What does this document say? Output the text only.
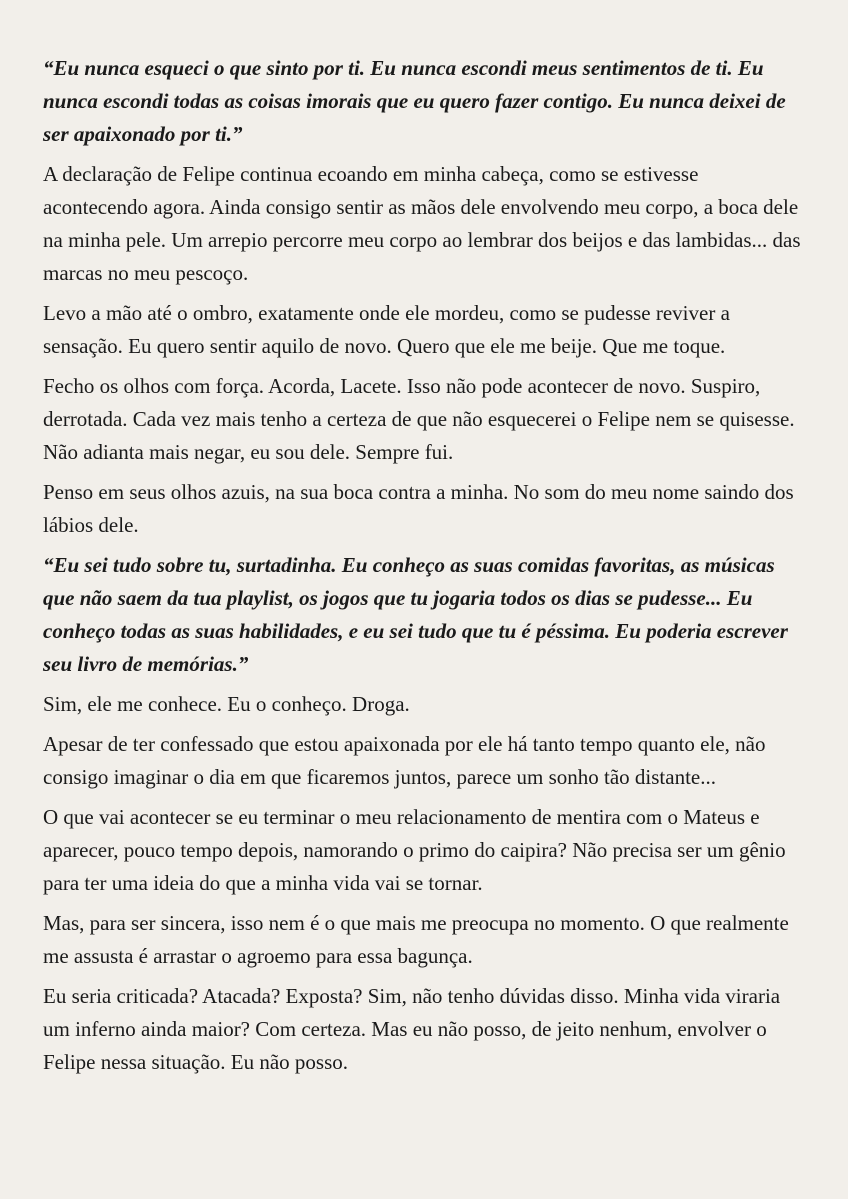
“Eu nunca esqueci o que sinto por ti. Eu nunca escondi meus sentimentos de ti. Eu nunca escondi todas as coisas imorais que eu quero fazer contigo. Eu nunca deixei de ser apaixonado por ti.”

A declaração de Felipe continua ecoando em minha cabeça, como se estivesse acontecendo agora. Ainda consigo sentir as mãos dele envolvendo meu corpo, a boca dele na minha pele. Um arrepio percorre meu corpo ao lembrar dos beijos e das lambidas... das marcas no meu pescoço.

Levo a mão até o ombro, exatamente onde ele mordeu, como se pudesse reviver a sensação. Eu quero sentir aquilo de novo. Quero que ele me beije. Que me toque.

Fecho os olhos com força. Acorda, Lacete. Isso não pode acontecer de novo. Suspiro, derrotada. Cada vez mais tenho a certeza de que não esquecerei o Felipe nem se quisesse. Não adianta mais negar, eu sou dele. Sempre fui.

Penso em seus olhos azuis, na sua boca contra a minha. No som do meu nome saindo dos lábios dele.

“Eu sei tudo sobre tu, surtadinha. Eu conheço as suas comidas favoritas, as músicas que não saem da tua playlist, os jogos que tu jogaria todos os dias se pudesse... Eu conheço todas as suas habilidades, e eu sei tudo que tu é péssima. Eu poderia escrever seu livro de memórias.”

Sim, ele me conhece. Eu o conheço. Droga.

Apesar de ter confessado que estou apaixonada por ele há tanto tempo quanto ele, não consigo imaginar o dia em que ficaremos juntos, parece um sonho tão distante...

O que vai acontecer se eu terminar o meu relacionamento de mentira com o Mateus e aparecer, pouco tempo depois, namorando o primo do caipira? Não precisa ser um gênio para ter uma ideia do que a minha vida vai se tornar.

Mas, para ser sincera, isso nem é o que mais me preocupa no momento. O que realmente me assusta é arrastar o agroemo para essa bagunça.

Eu seria criticada? Atacada? Exposta? Sim, não tenho dúvidas disso. Minha vida viraria um inferno ainda maior? Com certeza. Mas eu não posso, de jeito nenhum, envolver o Felipe nessa situação. Eu não posso.
